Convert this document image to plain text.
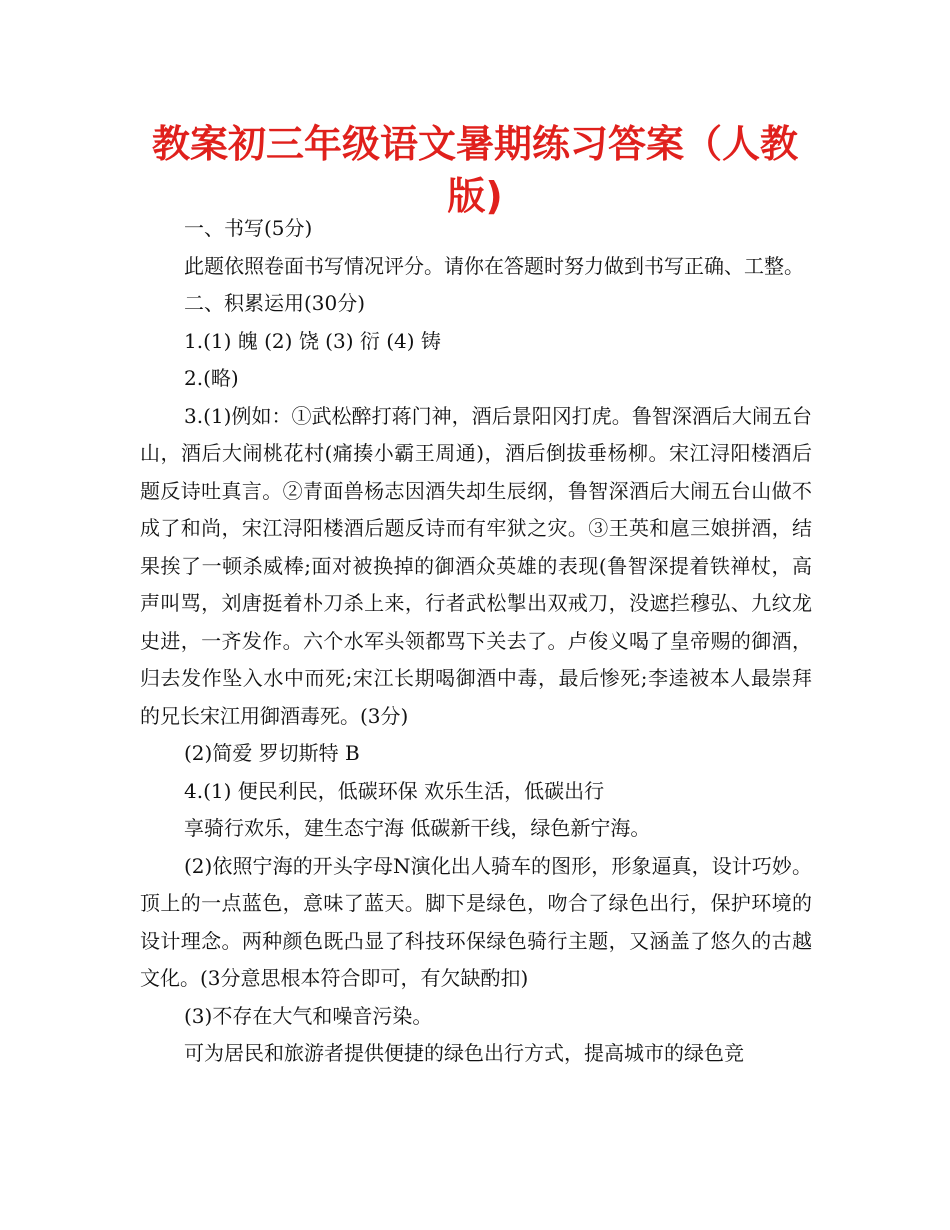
教案初三年级语文暑期练习答案（人教版)

一、书写(5分)

此题依照卷面书写情况评分。请你在答题时努力做到书写正确、工整。

二、积累运用(30分)

1.(1) 魄 (2) 饶 (3) 衍 (4) 铸

2.(略)

3.(1)例如：①武松醉打蒋门神，酒后景阳冈打虎。鲁智深酒后大闹五台山，酒后大闹桃花村(痛揍小霸王周通)，酒后倒拔垂杨柳。宋江浔阳楼酒后题反诗吐真言。②青面兽杨志因酒失却生辰纲，鲁智深酒后大闹五台山做不成了和尚，宋江浔阳楼酒后题反诗而有牢狱之灾。③王英和扈三娘拼酒，结果挨了一顿杀威棒;面对被换掉的御酒众英雄的表现(鲁智深提着铁禅杖，高声叫骂，刘唐挺着朴刀杀上来，行者武松掣出双戒刀，没遮拦穆弘、九纹龙史进，一齐发作。六个水军头领都骂下关去了。卢俊义喝了皇帝赐的御酒，归去发作坠入水中而死;宋江长期喝御酒中毒，最后惨死;李逵被本人最崇拜的兄长宋江用御酒毒死。(3分)

(2)简爱 罗切斯特 B

4.(1) 便民利民，低碳环保 欢乐生活，低碳出行

享骑行欢乐，建生态宁海 低碳新干线，绿色新宁海。

(2)依照宁海的开头字母N演化出人骑车的图形，形象逼真，设计巧妙。顶上的一点蓝色，意味了蓝天。脚下是绿色，吻合了绿色出行，保护环境的设计理念。两种颜色既凸显了科技环保绿色骑行主题，又涵盖了悠久的古越文化。(3分意思根本符合即可，有欠缺酌扣)

(3)不存在大气和噪音污染。

可为居民和旅游者提供便捷的绿色出行方式，提高城市的绿色竞
